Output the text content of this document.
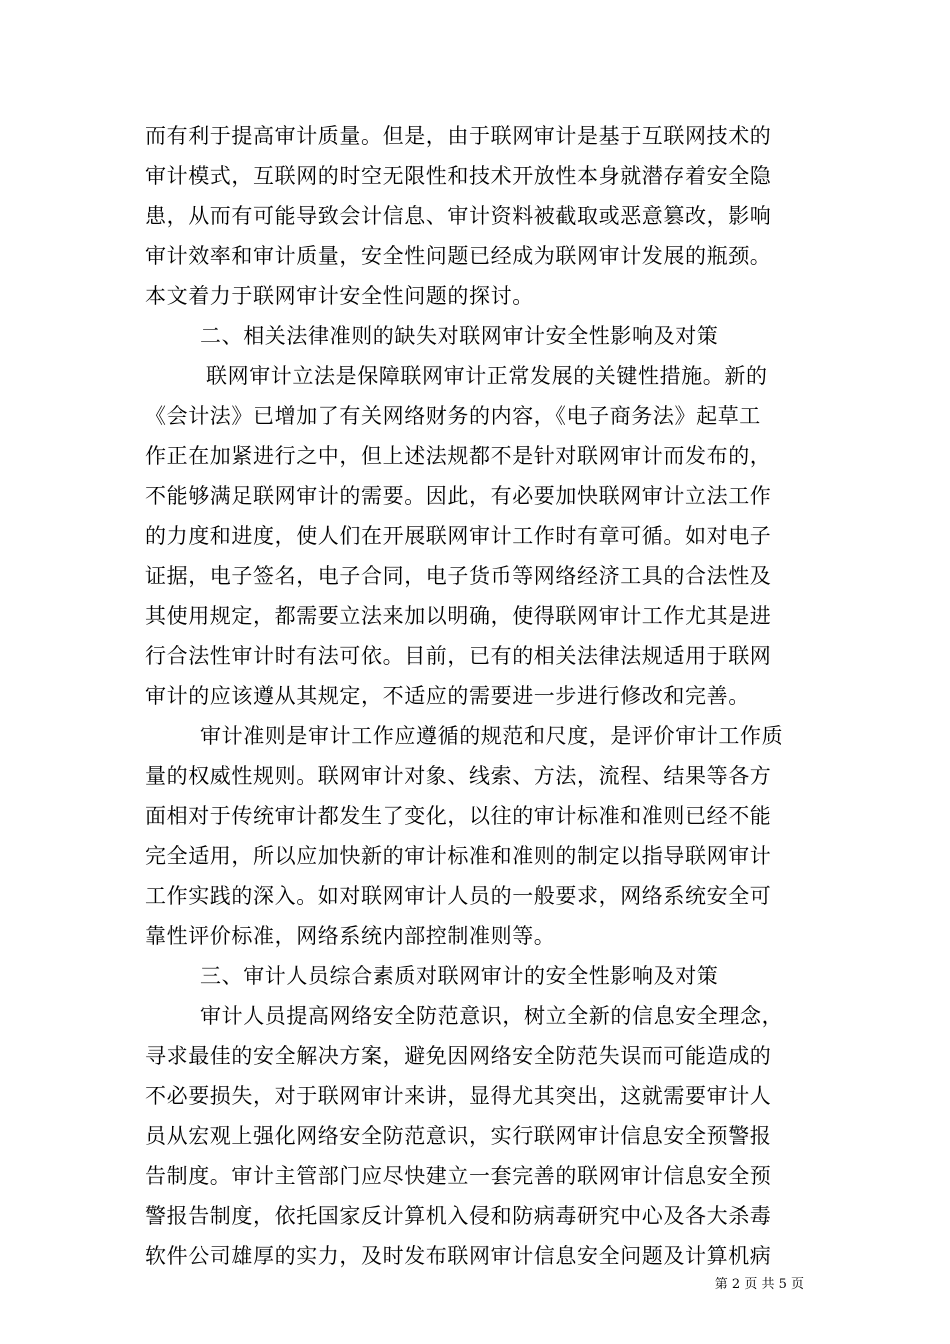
而有利于提高审计质量。但是，由于联网审计是基于互联网技术的
审计模式，互联网的时空无限性和技术开放性本身就潜存着安全隐
患，从而有可能导致会计信息、审计资料被截取或恶意篡改，影响
审计效率和审计质量，安全性问题已经成为联网审计发展的瓶颈。
本文着力于联网审计安全性问题的探讨。
二、相关法律准则的缺失对联网审计安全性影响及对策
联网审计立法是保障联网审计正常发展的关键性措施。新的
《会计法》已增加了有关网络财务的内容，《电子商务法》起草工
作正在加紧进行之中，但上述法规都不是针对联网审计而发布的，
不能够满足联网审计的需要。因此，有必要加快联网审计立法工作
的力度和进度，使人们在开展联网审计工作时有章可循。如对电子
证据，电子签名，电子合同，电子货币等网络经济工具的合法性及
其使用规定，都需要立法来加以明确，使得联网审计工作尤其是进
行合法性审计时有法可依。目前，已有的相关法律法规适用于联网
审计的应该遵从其规定，不适应的需要进一步进行修改和完善。
审计准则是审计工作应遵循的规范和尺度，是评价审计工作质
量的权威性规则。联网审计对象、线索、方法，流程、结果等各方
面相对于传统审计都发生了变化，以往的审计标准和准则已经不能
完全适用，所以应加快新的审计标准和准则的制定以指导联网审计
工作实践的深入。如对联网审计人员的一般要求，网络系统安全可
靠性评价标准，网络系统内部控制准则等。
三、审计人员综合素质对联网审计的安全性影响及对策
审计人员提高网络安全防范意识，树立全新的信息安全理念，
寻求最佳的安全解决方案，避免因网络安全防范失误而可能造成的
不必要损失，对于联网审计来讲，显得尤其突出，这就需要审计人
员从宏观上强化网络安全防范意识，实行联网审计信息安全预警报
告制度。审计主管部门应尽快建立一套完善的联网审计信息安全预
警报告制度，依托国家反计算机入侵和防病毒研究中心及各大杀毒
软件公司雄厚的实力，及时发布联网审计信息安全问题及计算机病
第 2 页 共 5 页
